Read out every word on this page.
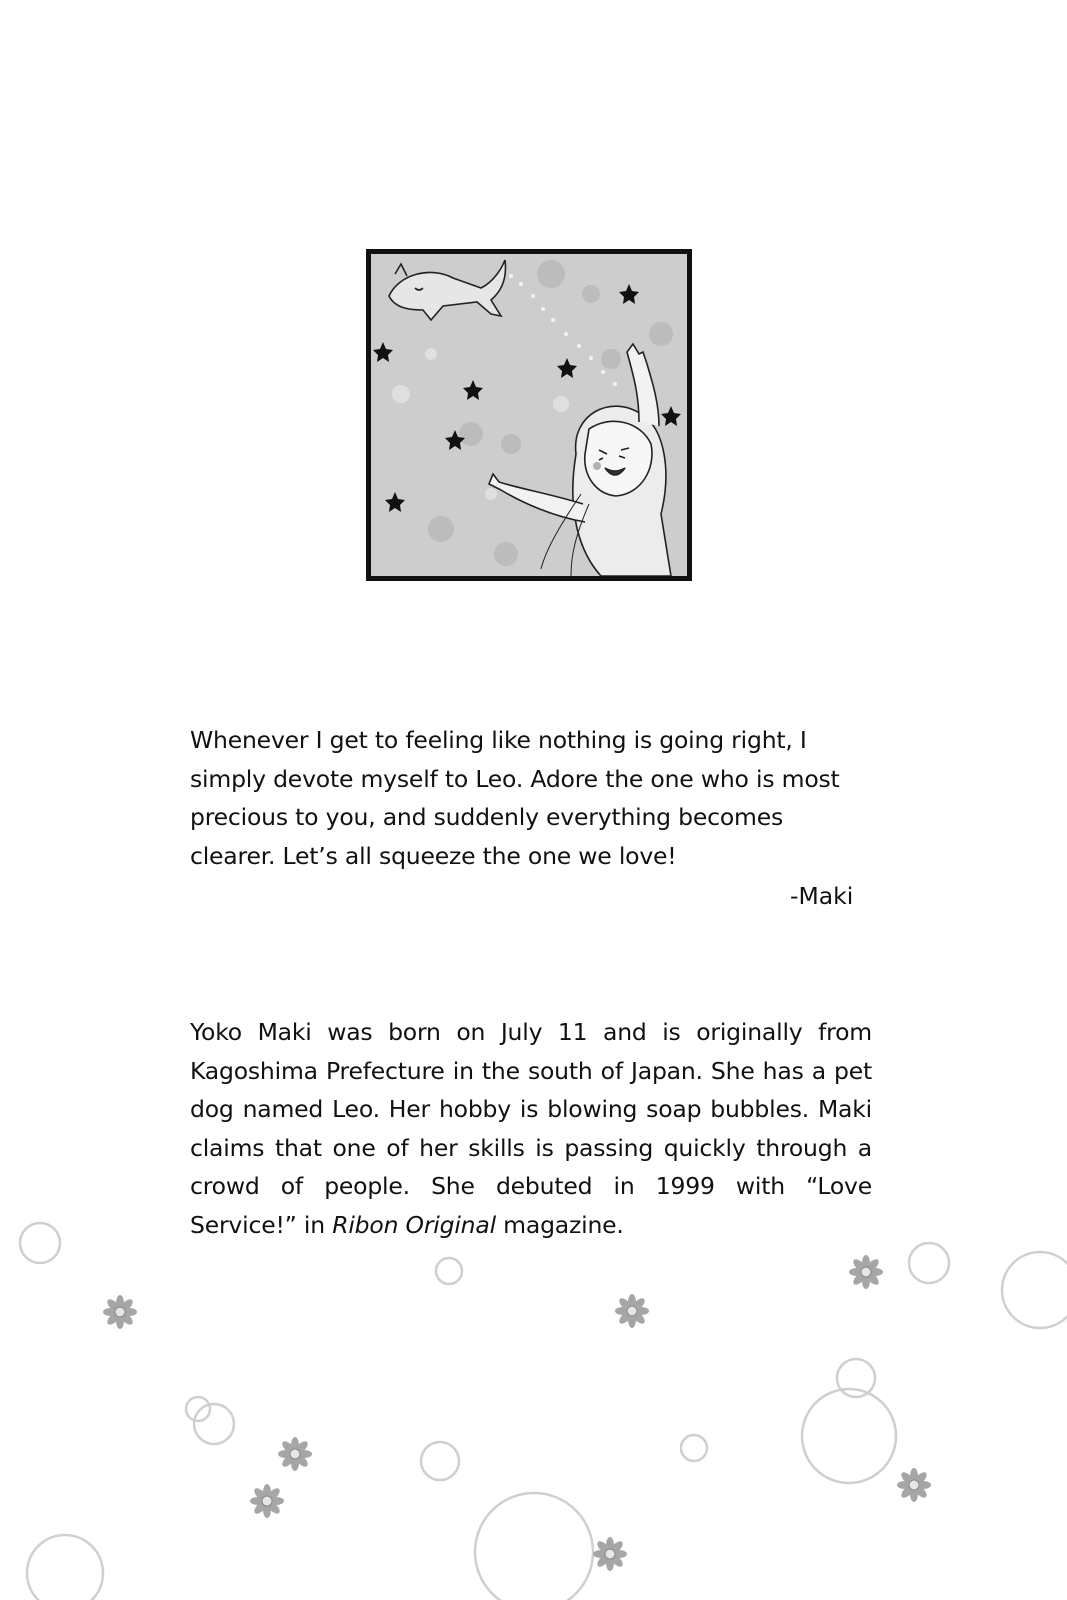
Whenever I get to feeling like nothing is going right, I simply devote myself to Leo. Adore the one who is most precious to you, and suddenly everything becomes clearer. Let’s all squeeze the one we love!

-Maki

Yoko Maki was born on July 11 and is originally from Kagoshima Prefecture in the south of Japan. She has a pet dog named Leo. Her hobby is blowing soap bubbles. Maki claims that one of her skills is passing quickly through a crowd of people. She debuted in 1999 with “Love Service!” in Ribon Original magazine.
